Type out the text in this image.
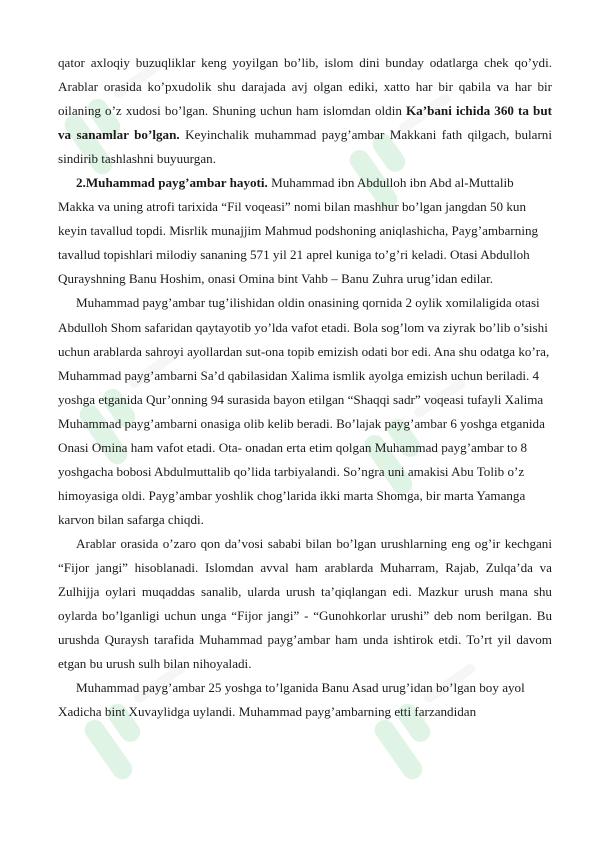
qator axloqiy buzuqliklar keng yoyilgan bo’lib, islom dini bunday odatlarga chek qo’ydi. Arablar orasida ko’pxudolik shu darajada avj olgan ediki, xatto har bir qabila va har bir oilaning o’z xudosi bo’lgan. Shuning uchun ham islomdan oldin Ka’bani ichida 360 ta but va sanamlar bo’lgan. Keyinchalik muhammad payg’ambar Makkani fath qilgach, bularni sindirib tashlashni buyuurgan.

2.Muhammad payg’ambar hayoti. Muhammad ibn Abdulloh ibn Abd al-Muttalib Makka va uning atrofi tarixida “Fil voqeasi” nomi bilan mashhur bo’lgan jangdan 50 kun keyin tavallud topdi. Misrlik munajjim Mahmud podshoning aniqlashicha, Payg’ambarning tavallud topishlari milodiy sananing 571 yil 21 aprel kuniga to’g’ri keladi. Otasi Abdulloh Qurayshning Banu Hoshim, onasi Omina bint Vahb – Banu Zuhra urug’idan edilar.

Muhammad payg’ambar tug’ilishidan oldin onasining qornida 2 oylik xomilaligida otasi Abdulloh Shom safaridan qaytayotib yo’lda vafot etadi. Bola sog’lom va ziyrak bo’lib o’sishi uchun arablarda sahroyi ayollardan sut-ona topib emizish odati bor edi. Ana shu odatga ko’ra, Muhammad payg’ambarni Sa’d qabilasidan Xalima ismlik ayolga emizish uchun beriladi. 4 yoshga etganida Qur’onning 94 surasida bayon etilgan “Shaqqi sadr” voqeasi tufayli Xalima Muhammad payg’ambarni onasiga olib kelib beradi. Bo’lajak payg’ambar 6 yoshga etganida Onasi Omina ham vafot etadi. Ota- onadan erta etim qolgan Muhammad payg’ambar to 8 yoshgacha bobosi Abdulmuttalib qo’lida tarbiyalandi. So’ngra uni amakisi Abu Tolib o’z himoyasiga oldi. Payg’ambar yoshlik chog’larida ikki marta Shomga, bir marta Yamanga karvon bilan safarga chiqdi.

Arablar orasida o’zaro qon da’vosi sababi bilan bo’lgan urushlarning eng og’ir kechgani “Fijor jangi” hisoblanadi. Islomdan avval ham arablarda Muharram, Rajab, Zulqa’da va Zulhijja oylari muqaddas sanalib, ularda urush ta’qiqlangan edi. Mazkur urush mana shu oylarda bo’lganligi uchun unga “Fijor jangi” - “Gunohkorlar urushi” deb nom berilgan. Bu urushda Quraysh tarafida Muhammad payg’ambar ham unda ishtirok etdi. To’rt yil davom etgan bu urush sulh bilan nihoyaladi.

Muhammad payg’ambar 25 yoshga to’lganida Banu Asad urug’idan bo’lgan boy ayol Xadicha bint Xuvaylidga uylandi. Muhammad payg’ambarning etti farzandidan
